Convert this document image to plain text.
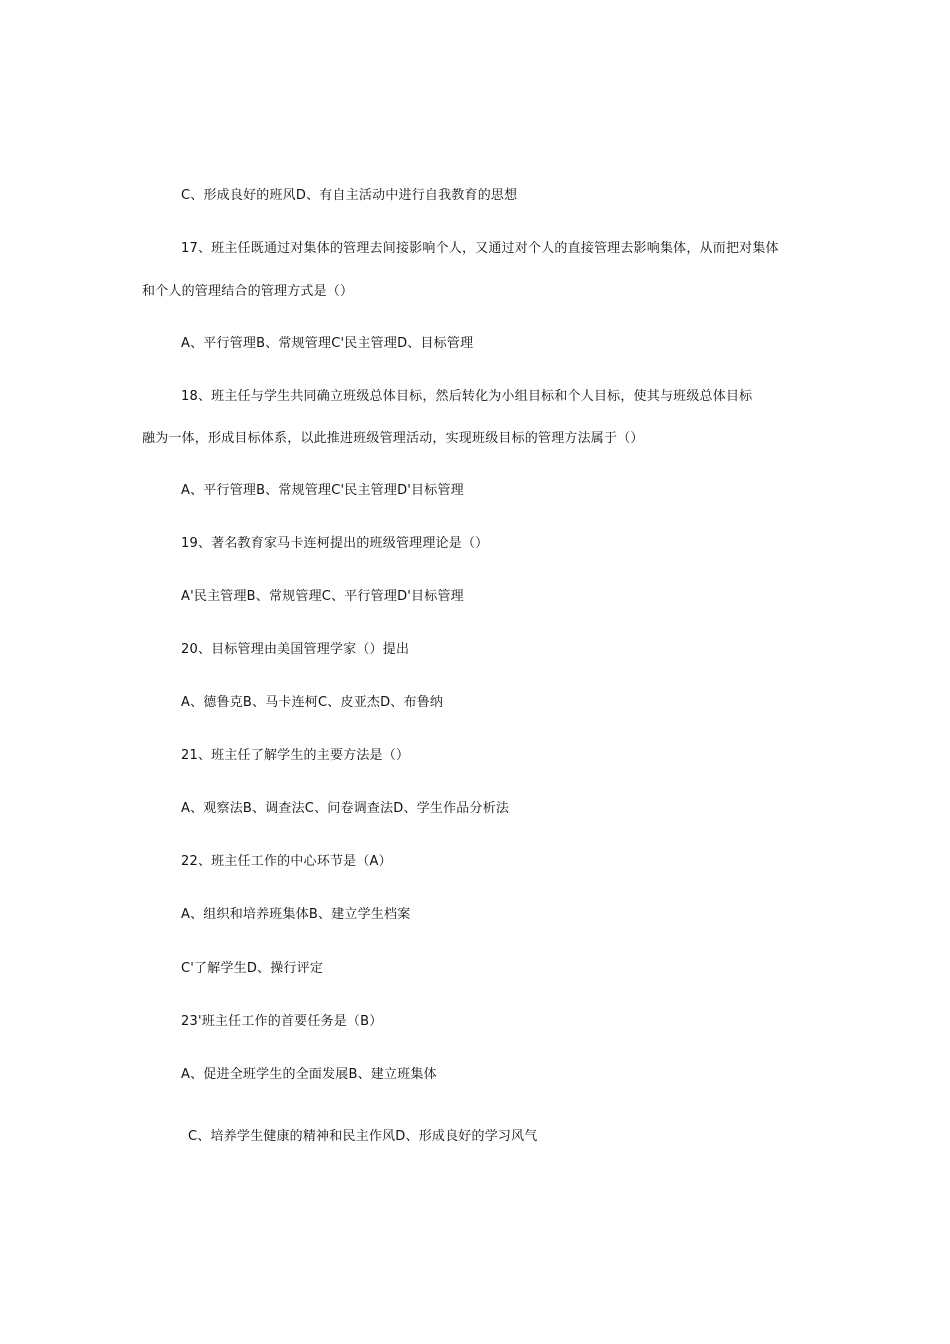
C、形成良好的班风D、有自主活动中进行自我教育的思想
17、班主任既通过对集体的管理去间接影响个人，又通过对个人的直接管理去影响集体，从而把对集体
和个人的管理结合的管理方式是（）
A、平行管理B、常规管理C'民主管理D、目标管理
18、班主任与学生共同确立班级总体目标，然后转化为小组目标和个人目标，使其与班级总体目标
融为一体，形成目标体系，以此推进班级管理活动，实现班级目标的管理方法属于（）
A、平行管理B、常规管理C'民主管理D'目标管理
19、著名教育家马卡连柯提出的班级管理理论是（）
A'民主管理B、常规管理C、平行管理D'目标管理
20、目标管理由美国管理学家（）提出
A、德鲁克B、马卡连柯C、皮亚杰D、布鲁纳
21、班主任了解学生的主要方法是（）
A、观察法B、调查法C、问卷调查法D、学生作品分析法
22、班主任工作的中心环节是（A）
A、组织和培养班集体B、建立学生档案
C'了解学生D、操行评定
23'班主任工作的首要任务是（B）
A、促进全班学生的全面发展B、建立班集体
C、培养学生健康的精神和民主作风D、形成良好的学习风气
